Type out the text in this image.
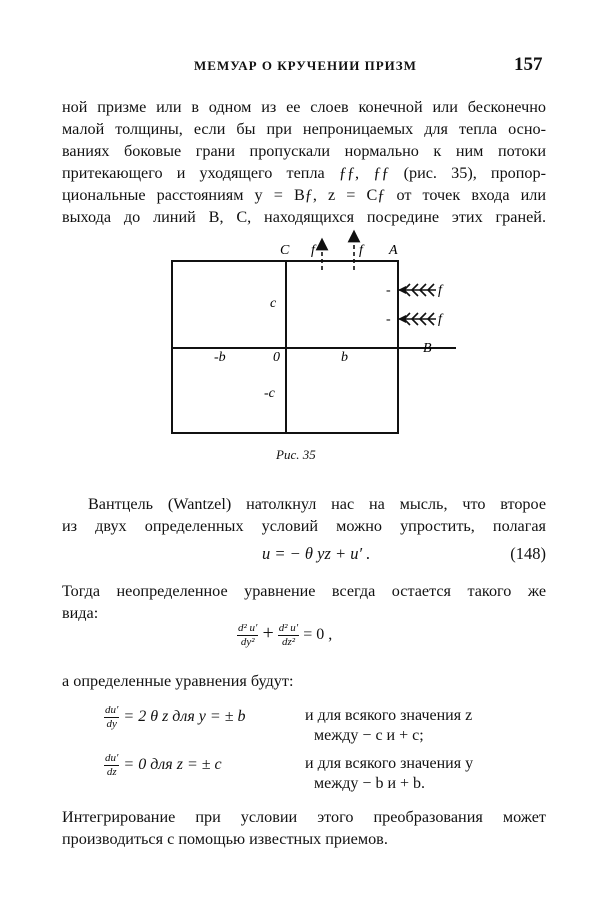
МЕМУАР О КРУЧЕНИИ ПРИЗМ	157
ной призме или в одном из ее слоев конечной или бесконечно
малой толщины, если бы при непроницаемых для тепла осно-
ваниях боковые грани пропускали нормально к ним потоки
притекающего и уходящего тепла ƒƒ, ƒƒ (рис. 35), пропор-
циональные расстояниям y = Bƒ, z = Cƒ от точек входа или
выхода до линий B, C, находящихся посредине этих граней.
C f	f A
c
-b	0	b
-c
B
f
f
-
-
Рис. 35
Вантцель (Wantzel) натолкнул нас на мысль, что второе
из двух определенных условий можно упростить, полагая
u = − θ yz + u′ .	(148)
Тогда неопределенное уравнение всегда остается такого же
вида:
$\frac{\text{d² u′}}{\text{dy²}} + \frac{\text{d² u′}}{\text{dz²}} = 0$ ,
а определенные уравнения будут:
$\frac{du'}{dy} = 2$ θ z для y = ± b	и для всякого значения z
между − c и + c;
$\frac{du'}{dz} = 0$ для z = ± c	и для всякого значения y
между − b и + b.
Интегрирование при условии этого преобразования может
производиться с помощью известных приемов.
